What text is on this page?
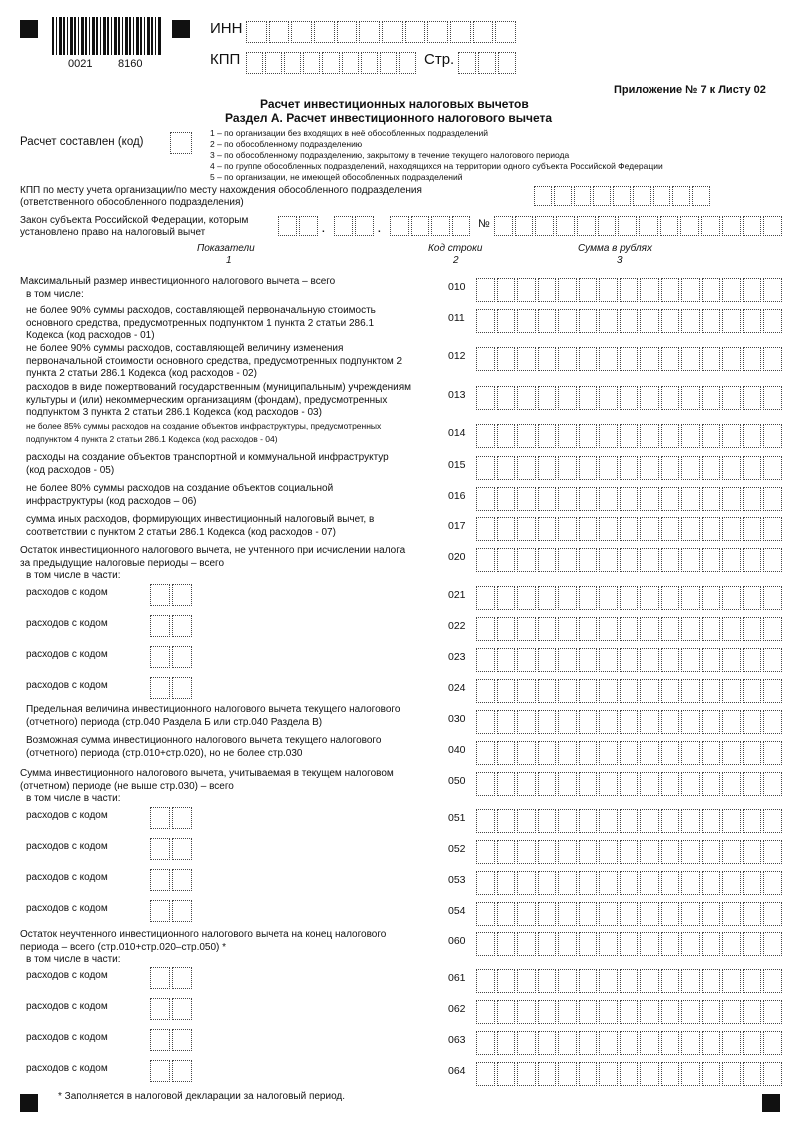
0021 8160
ИНН
КПП	Стр.
Приложение № 7 к Листу 02
Расчет инвестиционных налоговых вычетов
Раздел А. Расчет инвестиционного налогового вычета
Расчет составлен (код)
1 – по организации без входящих в неё обособленных подразделений
2 – по обособленному подразделению
3 – по обособленному подразделению, закрытому в течение текущего налогового периода
4 – по группе обособленных подразделений, находящихся на территории одного субъекта Российской Федерации
5 – по организации, не имеющей обособленных подразделений
КПП по месту учета организации/по месту нахождения обособленного подразделения
(ответственного обособленного подразделения)
Закон субъекта Российской Федерации, которым
установлено право на налоговый вычет	.	.	№
Показатели
1
Код строки
2
Сумма в рублях
3
Максимальный размер инвестиционного налогового вычета – всего
в том числе:
010
не более 90% суммы расходов, составляющей первоначальную стоимость
основного средства, предусмотренных подпунктом 1 пункта 2 статьи 286.1
Кодекса (код расходов - 01)
011
не более 90% суммы расходов, составляющей величину изменения
первоначальной стоимости основного средства, предусмотренных подпунктом 2
пункта 2 статьи 286.1 Кодекса (код расходов - 02)
012
расходов в виде пожертвований государственным (муниципальным) учреждениям
культуры и (или) некоммерческим организациям (фондам), предусмотренных
подпунктом 3 пункта 2 статьи 286.1 Кодекса (код расходов - 03)
013
не более 85% суммы расходов на создание объектов инфраструктуры, предусмотренных
подпунктом 4 пункта 2 статьи 286.1 Кодекса (код расходов - 04)	014
расходы на создание объектов транспортной и коммунальной инфраструктур
(код расходов - 05)	015
не более 80% суммы расходов на создание объектов социальной
инфраструктуры (код расходов – 06)	016
сумма иных расходов, формирующих инвестиционный налоговый вычет, в
соответствии с пунктом 2 статьи 286.1 Кодекса (код расходов - 07)	017
Остаток инвестиционного налогового вычета, не учтенного при исчислении налога
за предыдущие налоговые периоды – всего
в том числе в части:
020
расходов с кодом	021
расходов с кодом	022
расходов с кодом	023
расходов с кодом	024
Предельная величина инвестиционного налогового вычета текущего налогового
(отчетного) периода (стр.040 Раздела Б или стр.040 Раздела В)	030
Возможная сумма инвестиционного налогового вычета текущего налогового
(отчетного) периода (стр.010+стр.020), но не более стр.030	040
Сумма инвестиционного налогового вычета, учитываемая в текущем налоговом
(отчетном) периоде (не выше стр.030) – всего
в том числе в части:
050
расходов с кодом	051
расходов с кодом	052
расходов с кодом	053
расходов с кодом	054
Остаток неучтенного инвестиционного налогового вычета на конец налогового
периода – всего (стр.010+стр.020–стр.050) *
в том числе в части:
060
расходов с кодом	061
расходов с кодом	062
расходов с кодом	063
расходов с кодом	064
* Заполняется в налоговой декларации за налоговый период.
